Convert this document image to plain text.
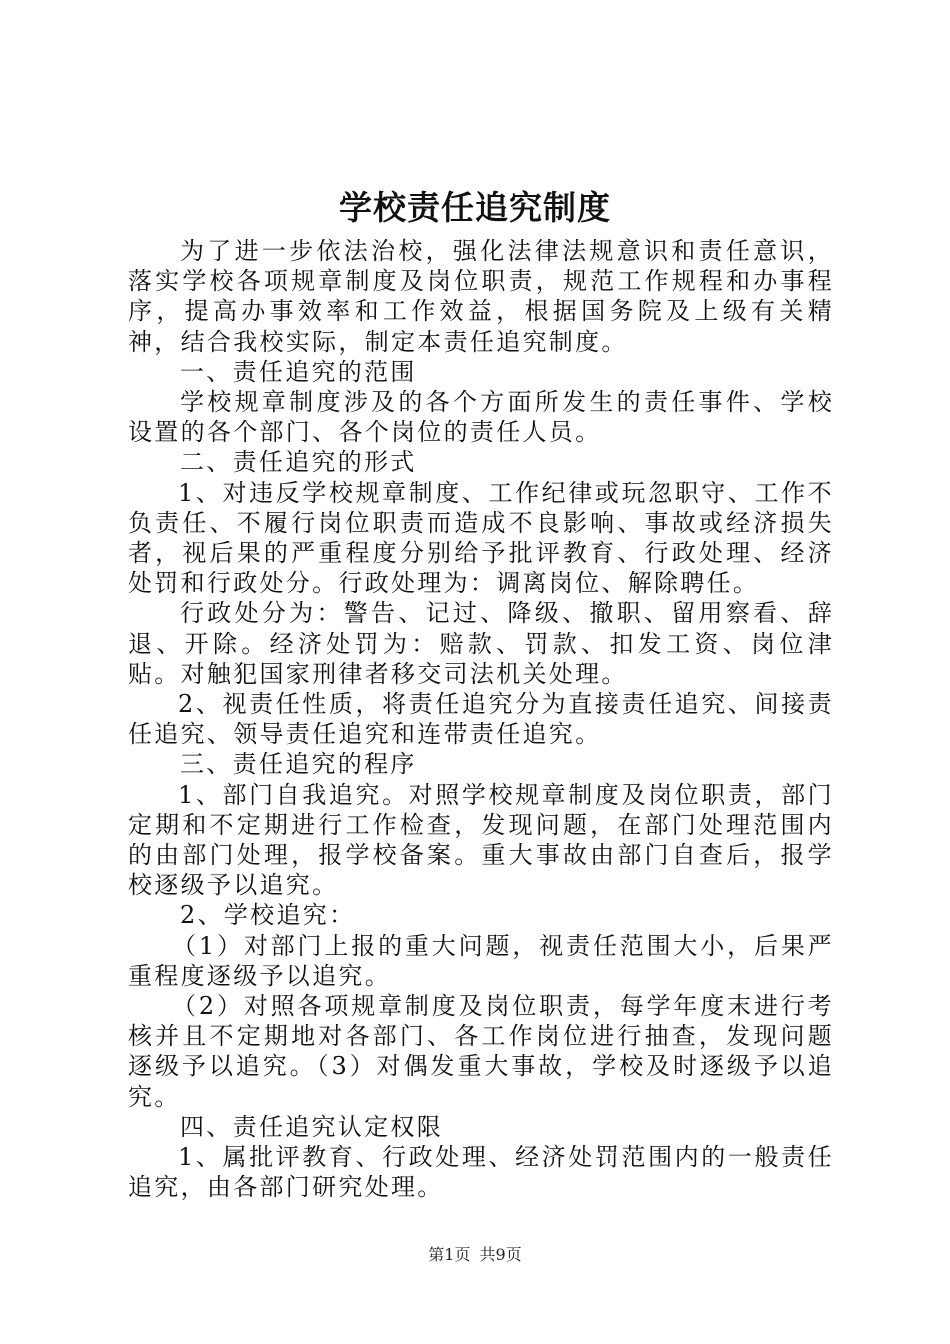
学校责任追究制度

为了进一步依法治校，强化法律法规意识和责任意识，落实学校各项规章制度及岗位职责，规范工作规程和办事程序，提高办事效率和工作效益，根据国务院及上级有关精神，结合我校实际，制定本责任追究制度。

一、责任追究的范围

学校规章制度涉及的各个方面所发生的责任事件、学校设置的各个部门、各个岗位的责任人员。

二、责任追究的形式

1、对违反学校规章制度、工作纪律或玩忽职守、工作不负责任、不履行岗位职责而造成不良影响、事故或经济损失者，视后果的严重程度分别给予批评教育、行政处理、经济处罚和行政处分。行政处理为：调离岗位、解除聘任。

行政处分为：警告、记过、降级、撤职、留用察看、辞退、开除。经济处罚为：赔款、罚款、扣发工资、岗位津贴。对触犯国家刑律者移交司法机关处理。

2、视责任性质，将责任追究分为直接责任追究、间接责任追究、领导责任追究和连带责任追究。

三、责任追究的程序

1、部门自我追究。对照学校规章制度及岗位职责，部门定期和不定期进行工作检查，发现问题，在部门处理范围内的由部门处理，报学校备案。重大事故由部门自查后，报学校逐级予以追究。

2、学校追究：

（1）对部门上报的重大问题，视责任范围大小，后果严重程度逐级予以追究。

（2）对照各项规章制度及岗位职责，每学年度末进行考核并且不定期地对各部门、各工作岗位进行抽查，发现问题逐级予以追究。（3）对偶发重大事故，学校及时逐级予以追究。

四、责任追究认定权限

1、属批评教育、行政处理、经济处罚范围内的一般责任追究，由各部门研究处理。

第1页 共9页
